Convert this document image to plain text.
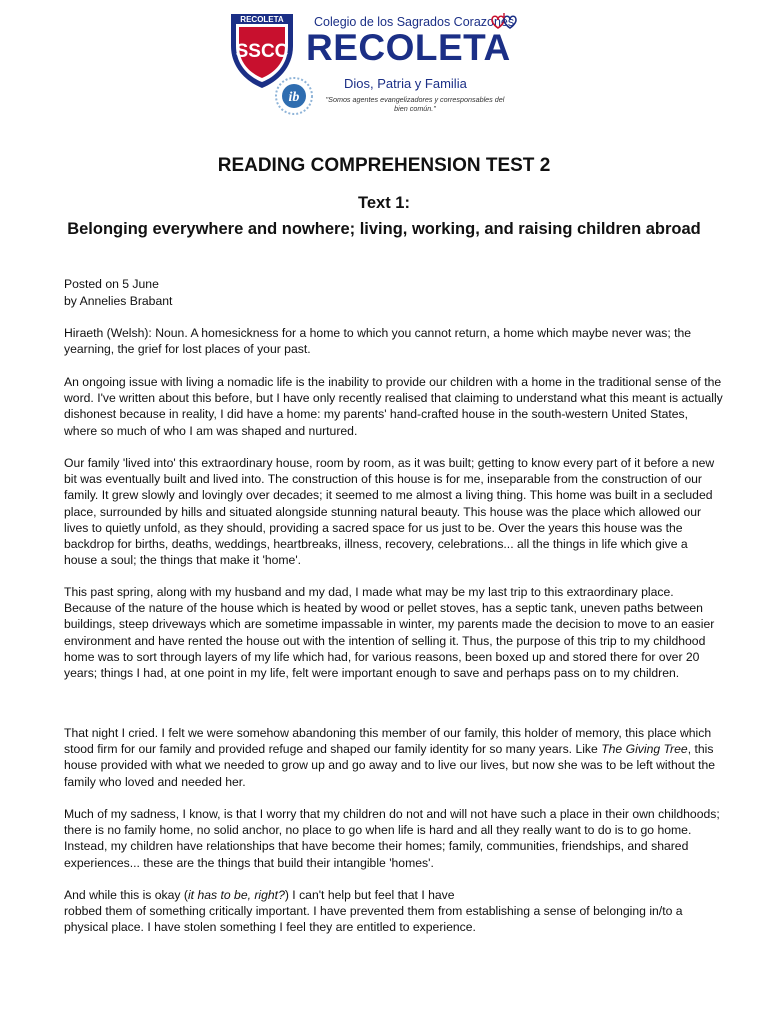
RECOLETA
SSCC
ib
Colegio de los Sagrados Corazones
RECOLETA
Dios, Patria y Familia
"Somos agentes evangelizadores y corresponsables del bien común."
READING COMPREHENSION TEST 2
Text 1:
Belonging everywhere and nowhere; living, working, and raising children abroad
Posted on 5 June
by Annelies Brabant

Hiraeth (Welsh): Noun. A homesickness for a home to which you cannot return, a home which maybe never was; the yearning, the grief for lost places of your past.

An ongoing issue with living a nomadic life is the inability to provide our children with a home in the traditional sense of the word. I've written about this before, but I have only recently realised that claiming to understand what this meant is actually dishonest because in reality, I did have a home: my parents' hand-crafted house in the south-western United States, where so much of who I am was shaped and nurtured.

Our family 'lived into' this extraordinary house, room by room, as it was built; getting to know every part of it before a new bit was eventually built and lived into. The construction of this house is for me, inseparable from the construction of our family. It grew slowly and lovingly over decades; it seemed to me almost a living thing. This home was built in a secluded place, surrounded by hills and situated alongside stunning natural beauty. This house was the place which allowed our lives to quietly unfold, as they should, providing a sacred space for us just to be. Over the years this house was the backdrop for births, deaths, weddings, heartbreaks, illness, recovery, celebrations... all the things in life which give a house a soul; the things that make it 'home'.

This past spring, along with my husband and my dad, I made what may be my last trip to this extraordinary place. Because of the nature of the house which is heated by wood or pellet stoves, has a septic tank, uneven paths between buildings, steep driveways which are sometime impassable in winter, my parents made the decision to move to an easier environment and have rented the house out with the intention of selling it. Thus, the purpose of this trip to my childhood home was to sort through layers of my life which had, for various reasons, been boxed up and stored there for over 20 years; things I had, at one point in my life, felt were important enough to save and perhaps pass on to my children.

That night I cried. I felt we were somehow abandoning this member of our family, this holder of memory, this place which stood firm for our family and provided refuge and shaped our family identity for so many years. Like The Giving Tree, this house provided with what we needed to grow up and go away and to live our lives, but now she was to be left without the family who loved and needed her.

Much of my sadness, I know, is that I worry that my children do not and will not have such a place in their own childhoods; there is no family home, no solid anchor, no place to go when life is hard and all they really want to do is to go home. Instead, my children have relationships that have become their homes; family, communities, friendships, and shared experiences... these are the things that build their intangible 'homes'.

And while this is okay (it has to be, right?) I can't help but feel that I have
robbed them of something critically important. I have prevented them from establishing a sense of belonging in/to a physical place. I have stolen something I feel they are entitled to experience.
